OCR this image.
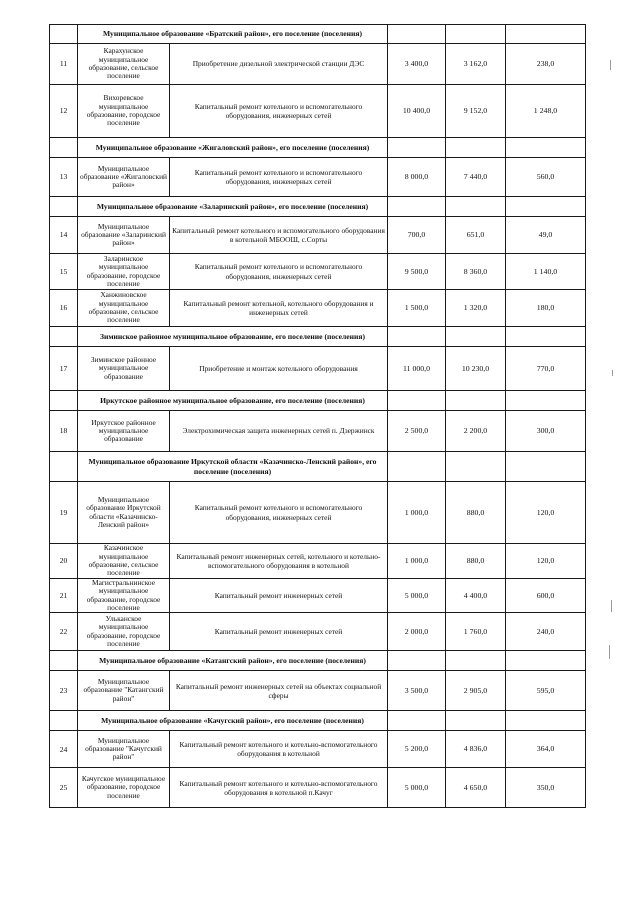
	Муниципальное образование «Братский район», его поселение (поселения)				
11	Карахунское муниципальное образование, сельское поселение	Приобретение дизельной электрической станции ДЭС	3 400,0	3 162,0	238,0
12	Вихоревское муниципальное образование, городское поселение	Капитальный ремонт котельного и вспомогательного оборудования, инженерных сетей	10 400,0	9 152,0	1 248,0
	Муниципальное образование «Жигаловский район», его поселение (поселения)				
13	Муниципальное образование «Жигаловский район»	Капитальный ремонт котельного и вспомогательного оборудования, инженерных сетей	8 000,0	7 440,0	560,0
	Муниципальное образование «Заларинский район», его поселение (поселения)				
14	Муниципальное образование «Заларинский район»	Капитальный ремонт котельного и вспомогательного оборудования в котельной МБООШ, с.Сорты	700,0	651,0	49,0
15	Заларинское муниципальное образование, городское поселение	Капитальный ремонт котельного и вспомогательного оборудования, инженерных сетей	9 500,0	8 360,0	1 140,0
16	Ханжиновское муниципальное образование, сельское поселение	Капитальный ремонт котельной, котельного оборудования и инженерных сетей	1 500,0	1 320,0	180,0
	Зиминское районное муниципальное образование, его поселение (поселения)				
17	Зиминское районное муниципальное образование	Приобретение и монтаж котельного оборудования	11 000,0	10 230,0	770,0
	Иркутское районное муниципальное образование, его поселение (поселения)				
18	Иркутское районное муниципальное образование	Электрохимическая защита инженерных сетей п. Дзержинск	2 500,0	2 200,0	300,0
	Муниципальное образование Иркутской области «Казачинско-Ленский район», его поселение (поселения)				
19	Муниципальное образование Иркутской области «Казачинско-Ленский район»	Капитальный ремонт котельного и вспомогательного оборудования, инженерных сетей	1 000,0	880,0	120,0
20	Казачинское муниципальное образование, сельское поселение	Капитальный ремонт инженерных сетей, котельного и котельно-вспомогательного оборудования в котельной	1 000,0	880,0	120,0
21	Магистральнинское муниципальное образование, городское поселение	Капитальный ремонт инженерных сетей	5 000,0	4 400,0	600,0
22	Ульканское муниципальное образование, городское поселение	Капитальный ремонт инженерных сетей	2 000,0	1 760,0	240,0
	Муниципальное образование «Катангский район», его поселение (поселения)				
23	Муниципальное образование "Катангский район"	Капитальный ремонт инженерных сетей на объектах социальной сферы	3 500,0	2 905,0	595,0
	Муниципальное образование «Качугский район», его поселение (поселения)				
24	Муниципальное образование "Качугский район"	Капитальный ремонт котельного и котельно-вспомогательного оборудования в котельной	5 200,0	4 836,0	364,0
25	Качугское муниципальное образование, городское поселение	Капитальный ремонт котельного и котельно-вспомогательного оборудования в котельной п.Качуг	5 000,0	4 650,0	350,0
